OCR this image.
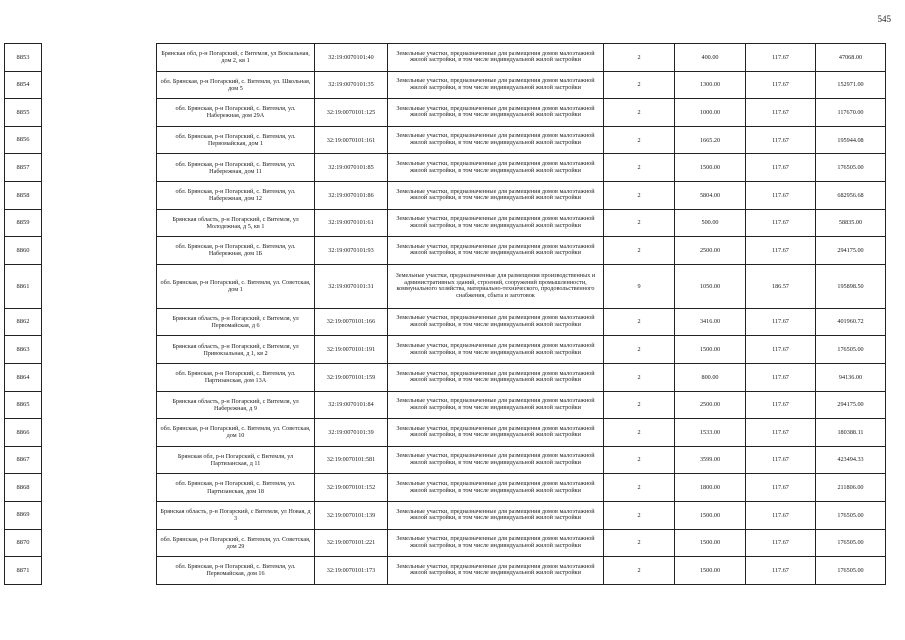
545
8853		Брянская обл, р-н Погарский, с Витемля, ул Вокзальная, дом 2, кв 1	32:19:0070101:40	Земельные участки, предназначенные для размещения домов малоэтажной жилой застройки, в том числе индивидуальной жилой застройки	2	400.00	117.67	47068.00
8854		обл. Брянская, р-н Погарский, с. Витемля, ул. Школьная, дом 5	32:19:0070101:35	Земельные участки, предназначенные для размещения домов малоэтажной жилой застройки, в том числе индивидуальной жилой застройки	2	1300.00	117.67	152971.00
8855		обл. Брянская, р-н Погарский, с. Витемля, ул. Набережная, дом 29А	32:19:0070101:125	Земельные участки, предназначенные для размещения домов малоэтажной жилой застройки, в том числе индивидуальной жилой застройки	2	1000.00	117.67	117670.00
8856		обл. Брянская, р-н Погарский, с. Витемля, ул. Первомайская, дом 1	32:19:0070101:161	Земельные участки, предназначенные для размещения домов малоэтажной жилой застройки, в том числе индивидуальной жилой застройки	2	1665.20	117.67	195944.08
8857		обл. Брянская, р-н Погарский, с. Витемля, ул. Набережная, дом 11	32:19:0070101:85	Земельные участки, предназначенные для размещения домов малоэтажной жилой застройки, в том числе индивидуальной жилой застройки	2	1500.00	117.67	176505.00
8858		обл. Брянская, р-н Погарский, с. Витемля, ул. Набережная, дом 12	32:19:0070101:86	Земельные участки, предназначенные для размещения домов малоэтажной жилой застройки, в том числе индивидуальной жилой застройки	2	5804.00	117.67	682956.68
8859		Брянская область, р-н Погарский, с Витемля, ул Молодежная, д 5, кв 1	32:19:0070101:61	Земельные участки, предназначенные для размещения домов малоэтажной жилой застройки, в том числе индивидуальной жилой застройки	2	500.00	117.67	58835.00
8860		обл. Брянская, р-н Погарский, с. Витемля, ул. Набережная, дом 1Б	32:19:0070101:93	Земельные участки, предназначенные для размещения домов малоэтажной жилой застройки, в том числе индивидуальной жилой застройки	2	2500.00	117.67	294175.00
8861		обл. Брянская, р-н Погарский, с. Витемля, ул. Советская, дом 1	32:19:0070101:31	Земельные участки, предназначенные для размещения производственных и административных зданий, строений, сооружений промышленности, коммунального хозяйства, материально-технического, продовольственного снабжения, сбыта и заготовок	9	1050.00	186.57	195898.50
8862		Брянская область, р-н Погарский, с Витемля, ул Первомайская, д 6	32:19:0070101:166	Земельные участки, предназначенные для размещения домов малоэтажной жилой застройки, в том числе индивидуальной жилой застройки	2	3416.00	117.67	401960.72
8863		Брянская область, р-н Погарский, с Витемля, ул Привокзальная, д 1, кв 2	32:19:0070101:191	Земельные участки, предназначенные для размещения домов малоэтажной жилой застройки, в том числе индивидуальной жилой застройки	2	1500.00	117.67	176505.00
8864		обл. Брянская, р-н Погарский, с. Витемля, ул. Партизанская, дом 13А	32:19:0070101:159	Земельные участки, предназначенные для размещения домов малоэтажной жилой застройки, в том числе индивидуальной жилой застройки	2	800.00	117.67	94136.00
8865		Брянская область, р-н Погарский, с Витемля, ул Набережная, д 9	32:19:0070101:84	Земельные участки, предназначенные для размещения домов малоэтажной жилой застройки, в том числе индивидуальной жилой застройки	2	2500.00	117.67	294175.00
8866		обл. Брянская, р-н Погарский, с. Витемля, ул. Советская, дом 10	32:19:0070101:39	Земельные участки, предназначенные для размещения домов малоэтажной жилой застройки, в том числе индивидуальной жилой застройки	2	1533.00	117.67	180388.11
8867		Брянская обл, р-н Погарский, с Витемля, ул Партизанская, д 11	32:19:0070101:581	Земельные участки, предназначенные для размещения домов малоэтажной жилой застройки, в том числе индивидуальной жилой застройки	2	3599.00	117.67	423494.33
8868		обл. Брянская, р-н Погарский, с. Витемля, ул. Партизанская, дом 18	32:19:0070101:152	Земельные участки, предназначенные для размещения домов малоэтажной жилой застройки, в том числе индивидуальной жилой застройки	2	1800.00	117.67	211806.00
8869		Брянская область, р-н Погарский, с Витемля, ул Новая, д 3	32:19:0070101:139	Земельные участки, предназначенные для размещения домов малоэтажной жилой застройки, в том числе индивидуальной жилой застройки	2	1500.00	117.67	176505.00
8870		обл. Брянская, р-н Погарский, с. Витемля, ул. Советская, дом 29	32:19:0070101:221	Земельные участки, предназначенные для размещения домов малоэтажной жилой застройки, в том числе индивидуальной жилой застройки	2	1500.00	117.67	176505.00
8871		обл. Брянская, р-н Погарский, с. Витемля, ул. Первомайская, дом 16	32:19:0070101:173	Земельные участки, предназначенные для размещения домов малоэтажной жилой застройки, в том числе индивидуальной жилой застройки	2	1500.00	117.67	176505.00
